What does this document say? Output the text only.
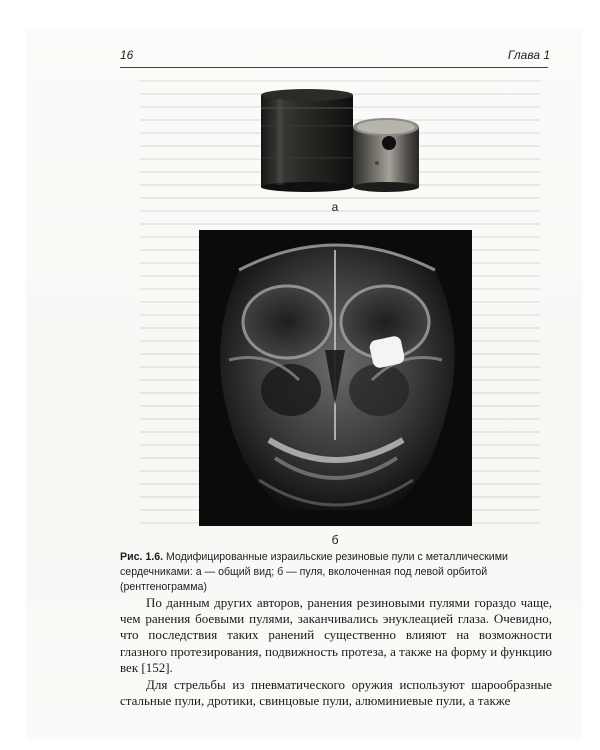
16	Глава 1
а
б
Рис. 1.6. Модифицированные израильские резиновые пули с металлическими сердечниками: а — общий вид; б — пуля, вколоченная под левой орбитой (рентгенограмма)

По данным других авторов, ранения резиновыми пулями гораздо чаще, чем ранения боевыми пулями, заканчивались энуклеацией глаза. Очевидно, что последствия таких ранений существенно влияют на возможности глазного протезирования, подвижность протеза, а также на форму и функцию век [152].

Для стрельбы из пневматического оружия используют шарообразные стальные пули, дротики, свинцовые пули, алюминиевые пули, а также
